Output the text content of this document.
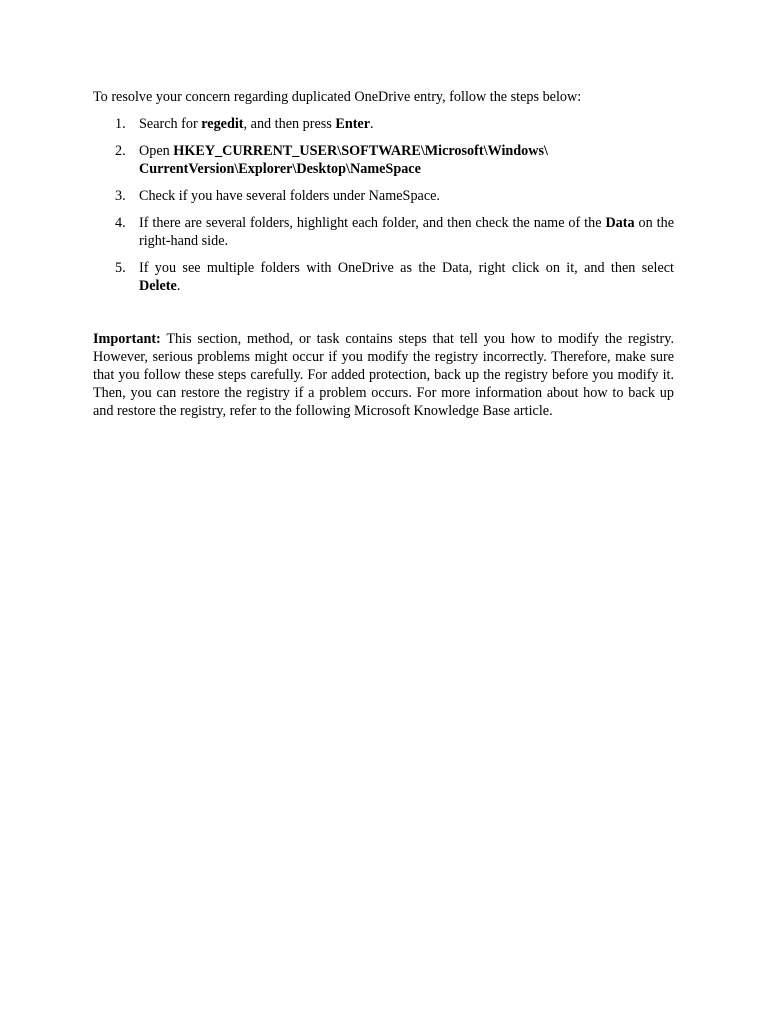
To resolve your concern regarding duplicated OneDrive entry, follow the steps below:

1. Search for regedit, and then press Enter.
2. Open HKEY_CURRENT_USER\SOFTWARE\Microsoft\Windows\
CurrentVersion\Explorer\Desktop\NameSpace
3. Check if you have several folders under NameSpace.
4. If there are several folders, highlight each folder, and then check the name of the Data on the right-hand side.
5. If you see multiple folders with OneDrive as the Data, right click on it, and then select Delete.

Important: This section, method, or task contains steps that tell you how to modify the registry. However, serious problems might occur if you modify the registry incorrectly. Therefore, make sure that you follow these steps carefully. For added protection, back up the registry before you modify it. Then, you can restore the registry if a problem occurs. For more information about how to back up and restore the registry, refer to the following Microsoft Knowledge Base article.
